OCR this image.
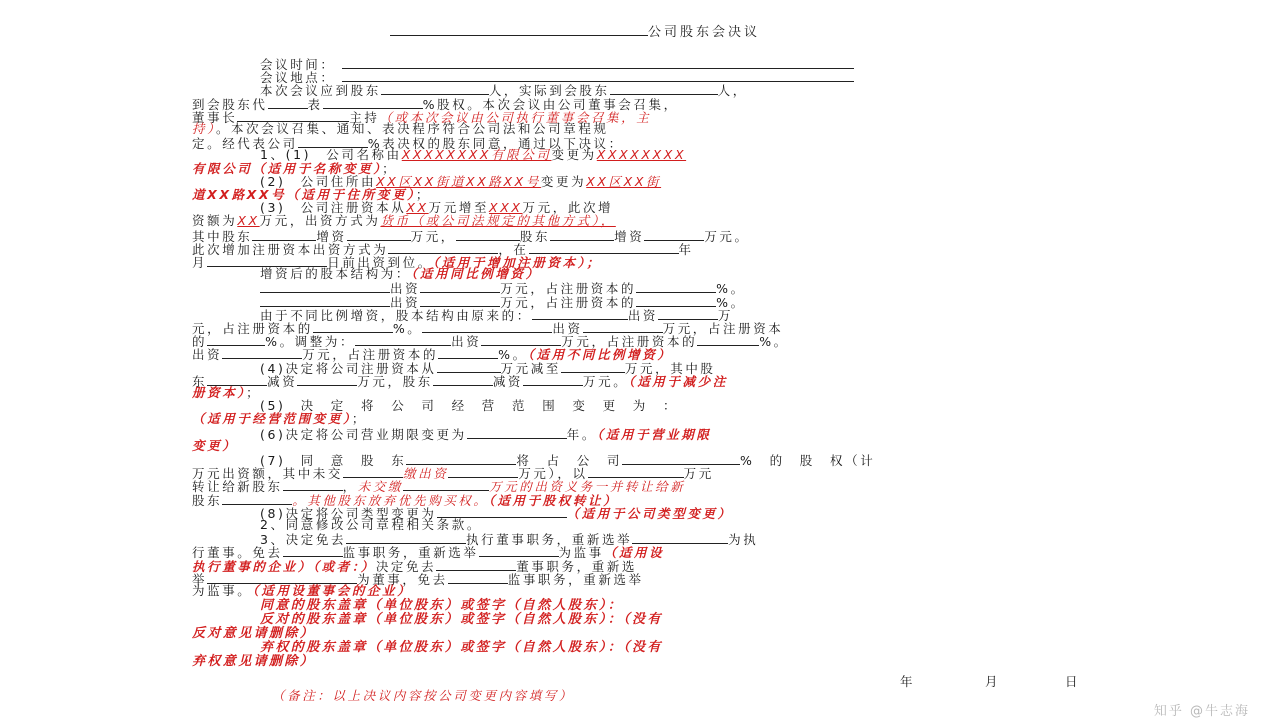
公司股东会决议
会议时间：
会议地点：
本次会议应到股东	人，实际到会股东	人，
到会股东代	表	%股权。本次会议由公司董事会召集，
董事长	主持（或本次会议由公司执行董事会召集，主
持）。本次会议召集、通知、表决程序符合公司法和公司章程规
定。经代表公司	%表决权的股东同意，通过以下决议：
1、(1)　公司名称由XXXXXXXX有限公司变更为XXXXXXXX
有限公司（适用于名称变更）；
(2)　公司住所由XX区XX街道XX路XX号变更为XX区XX街
道XX路XX号（适用于住所变更）；
(3)　公司注册资本从XX万元增至XXX万元，此次增
资额为XX万元，出资方式为货币（或公司法规定的其他方式），
其中股东	增资	万元，	股东	增资	万元。
此次增加注册资本出资方式为	，在	年
月	日前出资到位。（适用于增加注册资本）；
增资后的股本结构为：（适用同比例增资）
出资	万元，占注册资本的	%。
出资	万元，占注册资本的	%。
由于不同比例增资，股本结构由原来的：	出资	万
元，占注册资本的	%。	出资	万元，占注册资本
的	%。调整为：	出资	万元，占注册资本的	%。
出资	万元，占注册资本的	%。（适用不同比例增资）
(4)决定将公司注册资本从	万元减至	万元，其中股
东	减资	万元，股东	减资	万元。（适用于减少注
册资本）；
(5)　决　定　将　公　司　经　营　范　围　变　更　为　：
（适用于经营范围变更）；
(6)决定将公司营业期限变更为	年。（适用于营业期限
变更）
(7)　同　意　股　东	将　占　公　司	%　的　股　权（计
万元出资额，其中未交	缴出资	万元），以	万元
转让给新股东	，未交缴	万元的出资义务一并转让给新
股东	。其他股东放弃优先购买权。（适用于股权转让）
(8)决定将公司类型变更为	（适用于公司类型变更）
2、同意修改公司章程相关条款。
3、决定免去	执行董事职务，重新选举	为执
行董事。免去	监事职务，重新选举	为监事（适用设
执行董事的企业）（或者：）决定免去	董事职务，重新选
举	为董事，免去	监事职务，重新选举
为监事。（适用设董事会的企业）
同意的股东盖章（单位股东）或签字（自然人股东）：
反对的股东盖章（单位股东）或签字（自然人股东）：（没有
反对意见请删除）
弃权的股东盖章（单位股东）或签字（自然人股东）：（没有
弃权意见请删除）
（备注：以上决议内容按公司变更内容填写）
年	月	日
知乎 @牛志海
